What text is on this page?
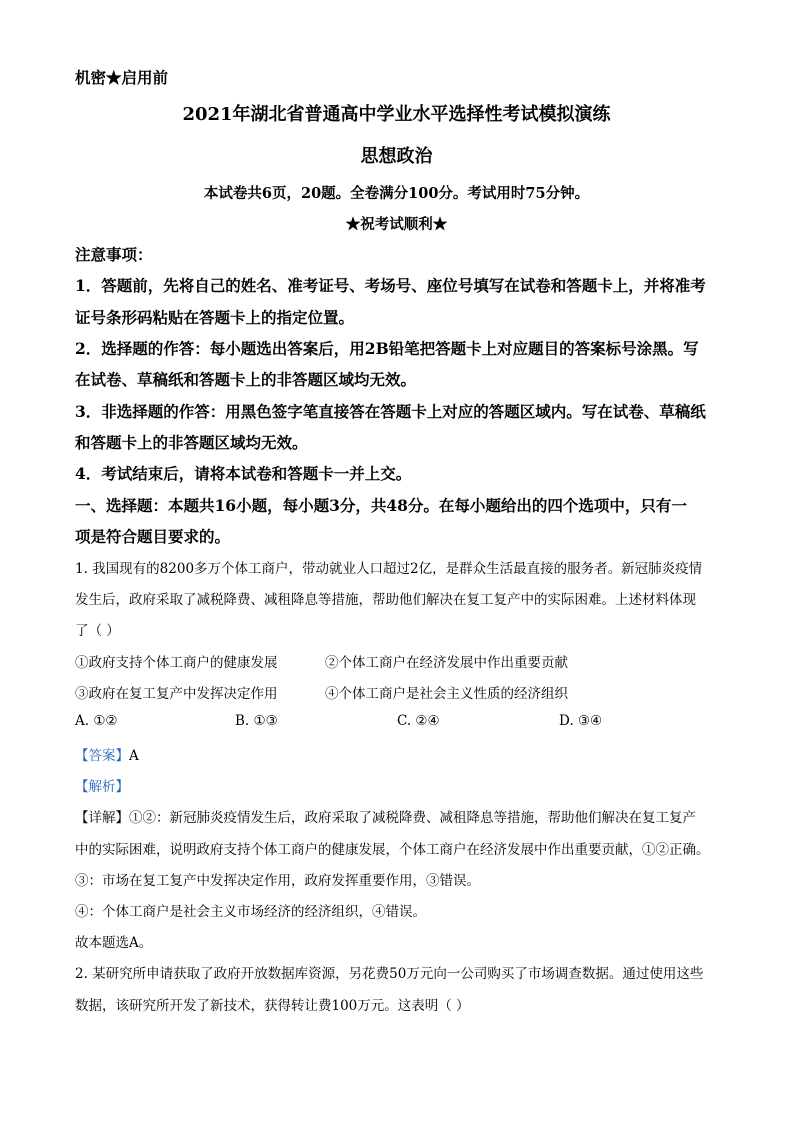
机密★启用前
2021年湖北省普通高中学业水平选择性考试模拟演练
思想政治
本试卷共6页，20题。全卷满分100分。考试用时75分钟。
★祝考试顺利★
注意事项：
1．答题前，先将自己的姓名、准考证号、考场号、座位号填写在试卷和答题卡上，并将准考
证号条形码粘贴在答题卡上的指定位置。
2．选择题的作答：每小题选出答案后，用2B铅笔把答题卡上对应题目的答案标号涂黑。写
在试卷、草稿纸和答题卡上的非答题区域均无效。
3．非选择题的作答：用黑色签字笔直接答在答题卡上对应的答题区域内。写在试卷、草稿纸
和答题卡上的非答题区域均无效。
4．考试结束后，请将本试卷和答题卡一并上交。
一、选择题：本题共16小题，每小题3分，共48分。在每小题给出的四个选项中，只有一
项是符合题目要求的。
1. 我国现有的8200多万个体工商户，带动就业人口超过2亿，是群众生活最直接的服务者。新冠肺炎疫情
发生后，政府采取了减税降费、减租降息等措施，帮助他们解决在复工复产中的实际困难。上述材料体现
了（ ）
①政府支持个体工商户的健康发展	②个体工商户在经济发展中作出重要贡献
③政府在复工复产中发挥决定作用	④个体工商户是社会主义性质的经济组织
A. ①②	B. ①③	C. ②④	D. ③④
【答案】A
【解析】
【详解】①②：新冠肺炎疫情发生后，政府采取了减税降费、减租降息等措施，帮助他们解决在复工复产
中的实际困难，说明政府支持个体工商户的健康发展，个体工商户在经济发展中作出重要贡献，①②正确。
③：市场在复工复产中发挥决定作用，政府发挥重要作用，③错误。
④：个体工商户是社会主义市场经济的经济组织，④错误。
故本题选A。
2. 某研究所申请获取了政府开放数据库资源，另花费50万元向一公司购买了市场调查数据。通过使用这些
数据，该研究所开发了新技术，获得转让费100万元。这表明（ ）
